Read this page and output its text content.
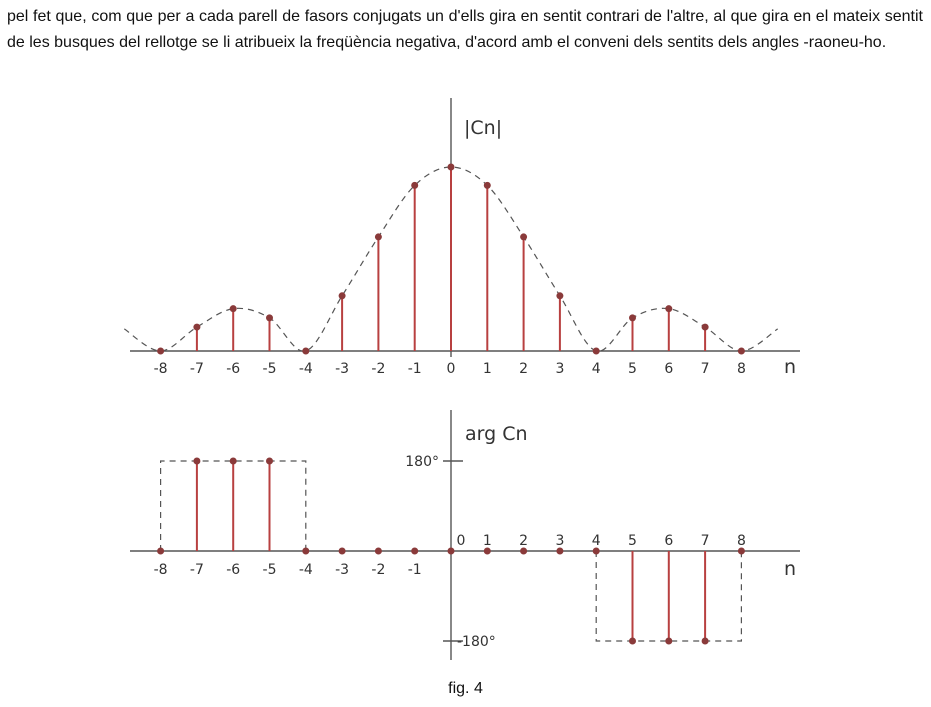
pel fet que, com que per a cada parell de fasors conjugats un d'ells gira en sentit contrari de l'altre, al que gira en el mateix sentit de les busques del rellotge se li atribueix la freqüència negativa, d'acord amb el conveni dels sentits dels angles -raoneu-ho.

-8 -7 -6 -5 -4 -3 -2 -1 0 1 2 3 4 5 6 7 8
|Cn|
n
-8 -7 -6 -5 -4 -3 -2 -1
0 1 2 3 4 5 6 7 8
180°
-180°
arg Cn
n
fig. 4
